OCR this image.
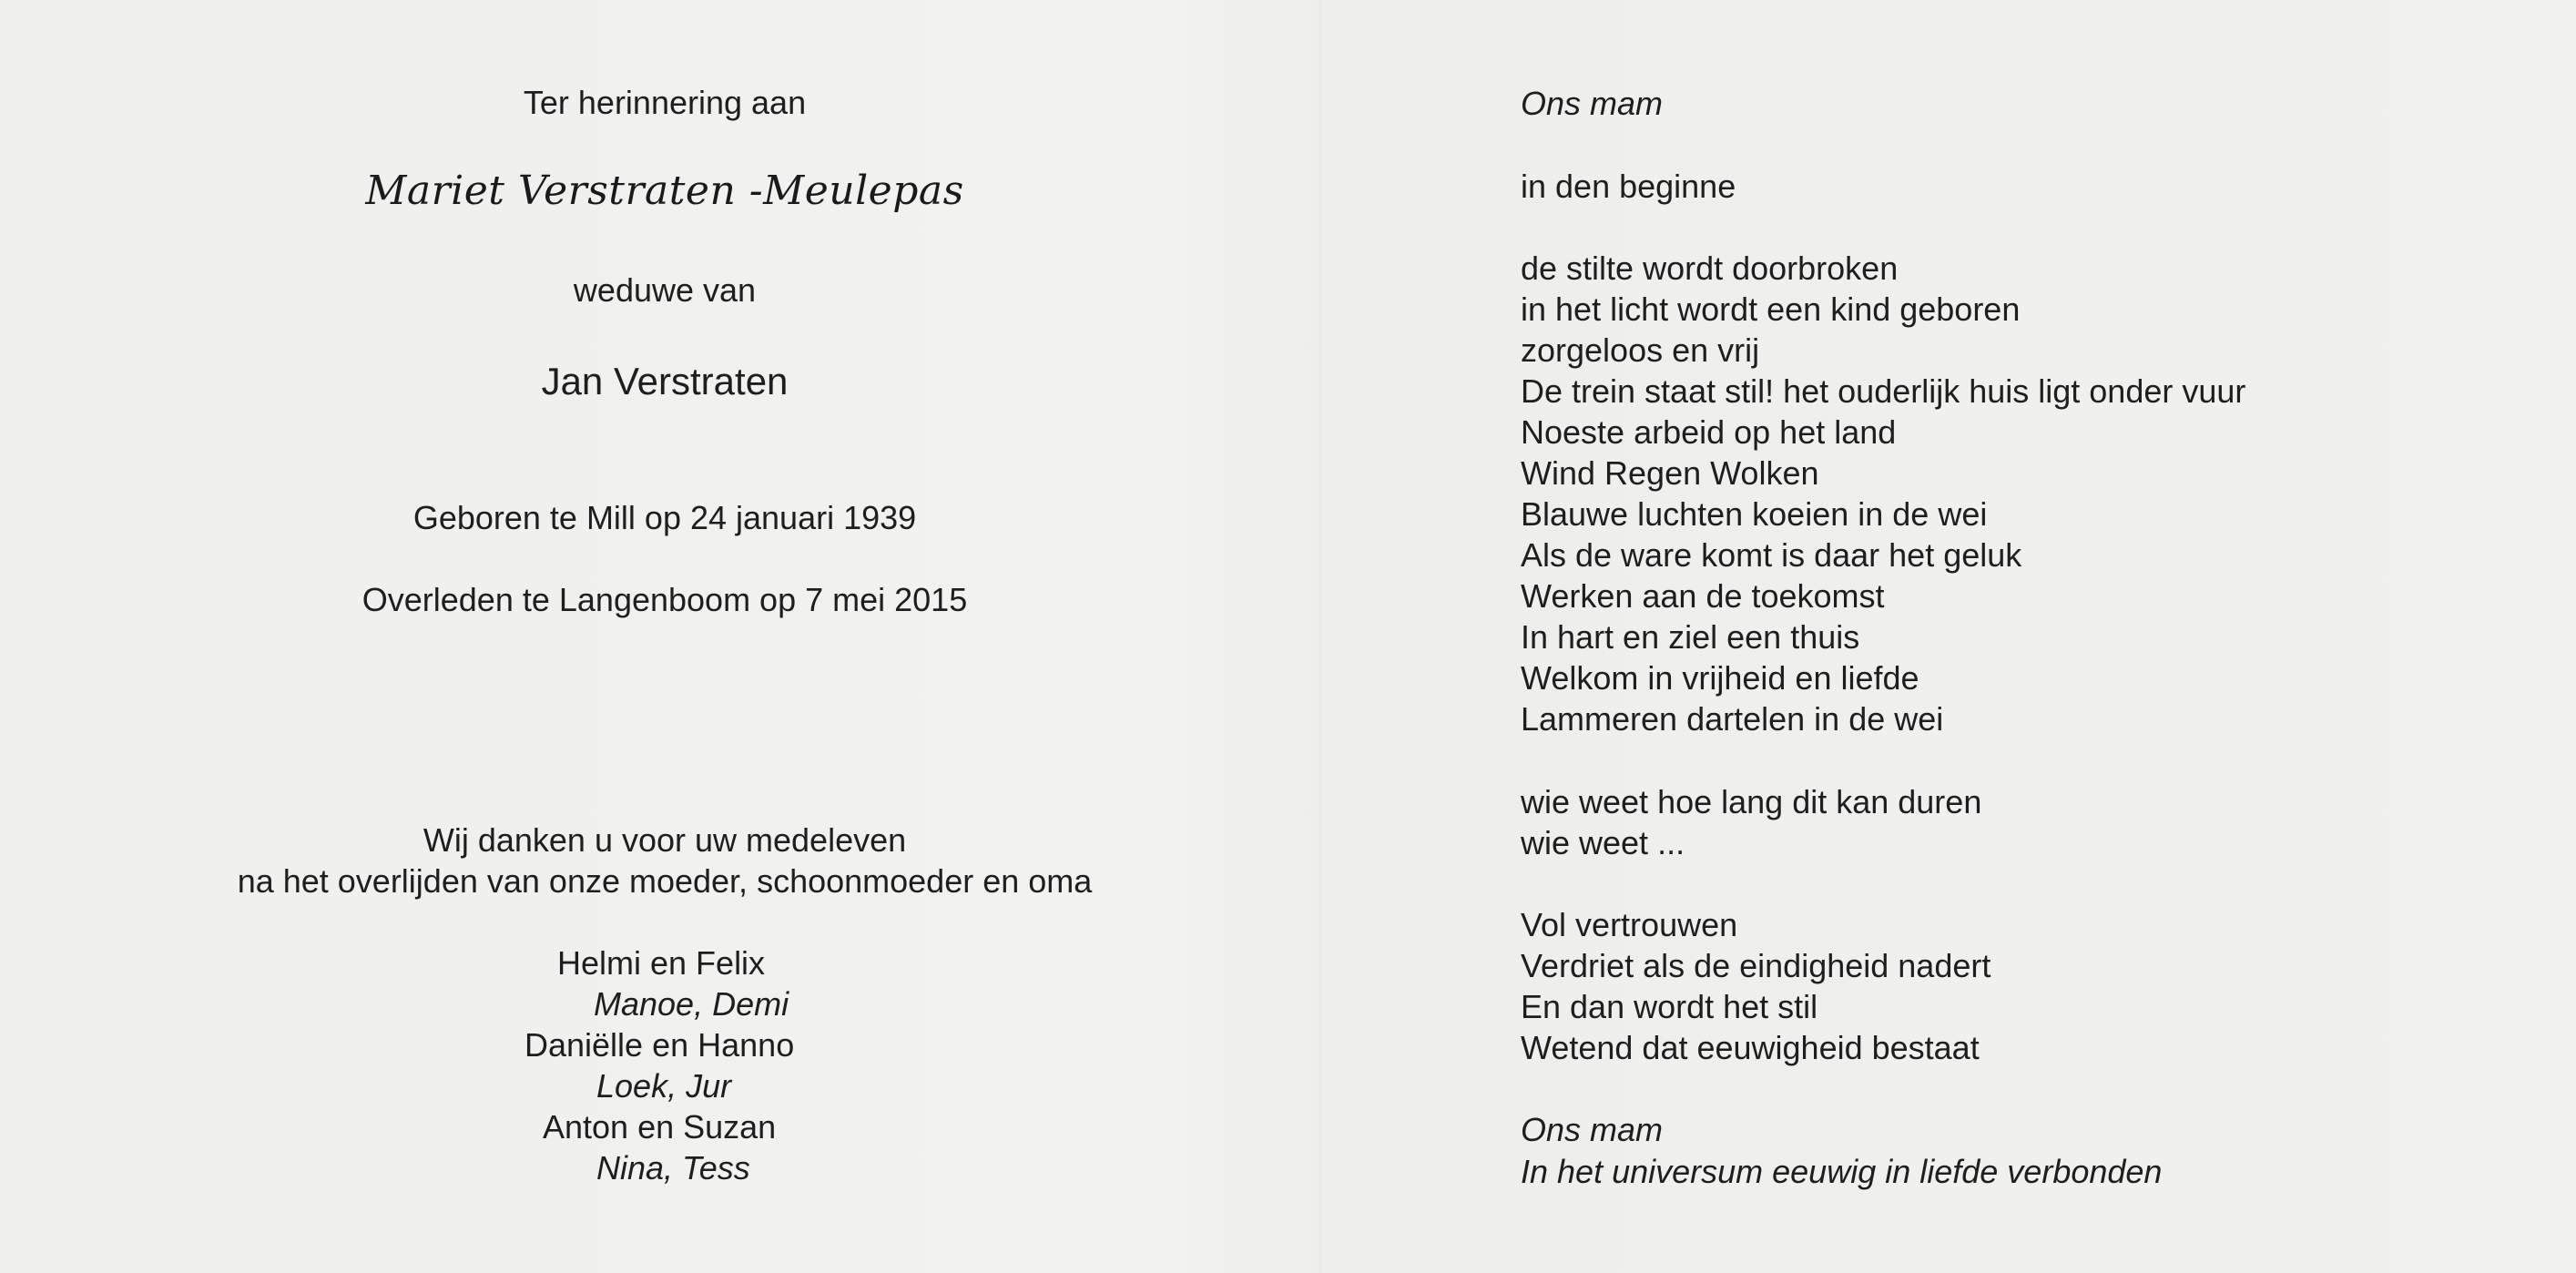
Ter herinnering aan
Mariet Verstraten -Meulepas
weduwe van
Jan Verstraten
Geboren te Mill op 24 januari 1939
Overleden te Langenboom op 7 mei 2015
Wij danken u voor uw medeleven
na het overlijden van onze moeder, schoonmoeder en oma
Helmi en Felix
Manoe, Demi
Daniëlle en Hanno
Loek, Jur
Anton en Suzan
Nina, Tess
Ons mam
in den beginne
de stilte wordt doorbroken
in het licht wordt een kind geboren
zorgeloos en vrij
De trein staat stil! het ouderlijk huis ligt onder vuur
Noeste arbeid op het land
Wind Regen Wolken
Blauwe luchten koeien in de wei
Als de ware komt is daar het geluk
Werken aan de toekomst
In hart en ziel een thuis
Welkom in vrijheid en liefde
Lammeren dartelen in de wei
wie weet hoe lang dit kan duren
wie weet ...
Vol vertrouwen
Verdriet als de eindigheid nadert
En dan wordt het stil
Wetend dat eeuwigheid bestaat
Ons mam
In het universum eeuwig in liefde verbonden
